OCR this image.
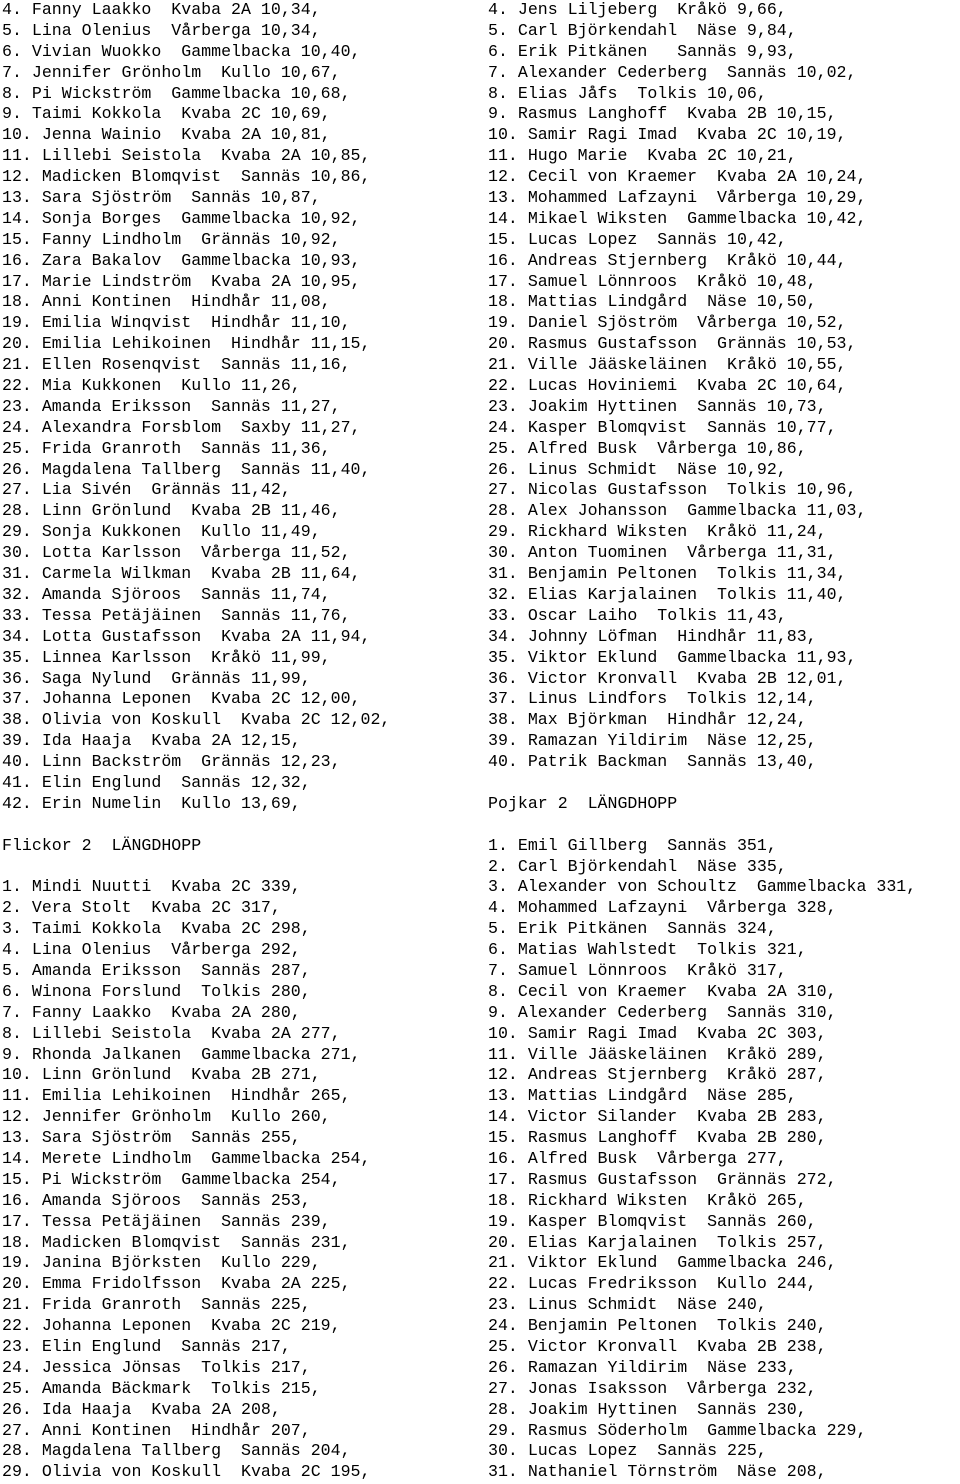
4. Fanny Laakko  Kvaba 2A 10,34,
5. Lina Olenius  Vårberga 10,34,
6. Vivian Wuokko  Gammelbacka 10,40,
7. Jennifer Grönholm  Kullo 10,67,
8. Pi Wickström  Gammelbacka 10,68,
9. Taimi Kokkola  Kvaba 2C 10,69,
10. Jenna Wainio  Kvaba 2A 10,81,
11. Lillebi Seistola  Kvaba 2A 10,85,
12. Madicken Blomqvist  Sannäs 10,86,
13. Sara Sjöström  Sannäs 10,87,
14. Sonja Borges  Gammelbacka 10,92,
15. Fanny Lindholm  Grännäs 10,92,
16. Zara Bakalov  Gammelbacka 10,93,
17. Marie Lindström  Kvaba 2A 10,95,
18. Anni Kontinen  Hindhår 11,08,
19. Emilia Winqvist  Hindhår 11,10,
20. Emilia Lehikoinen  Hindhår 11,15,
21. Ellen Rosenqvist  Sannäs 11,16,
22. Mia Kukkonen  Kullo 11,26,
23. Amanda Eriksson  Sannäs 11,27,
24. Alexandra Forsblom  Saxby 11,27,
25. Frida Granroth  Sannäs 11,36,
26. Magdalena Tallberg  Sannäs 11,40,
27. Lia Sivén  Grännäs 11,42,
28. Linn Grönlund  Kvaba 2B 11,46,
29. Sonja Kukkonen  Kullo 11,49,
30. Lotta Karlsson  Vårberga 11,52,
31. Carmela Wilkman  Kvaba 2B 11,64,
32. Amanda Sjöroos  Sannäs 11,74,
33. Tessa Petäjäinen  Sannäs 11,76,
34. Lotta Gustafsson  Kvaba 2A 11,94,
35. Linnea Karlsson  Kråkö 11,99,
36. Saga Nylund  Grännäs 11,99,
37. Johanna Leponen  Kvaba 2C 12,00,
38. Olivia von Koskull  Kvaba 2C 12,02,
39. Ida Haaja  Kvaba 2A 12,15,
40. Linn Backström  Grännäs 12,23,
41. Elin Englund  Sannäs 12,32,
42. Erin Numelin  Kullo 13,69,
Flickor 2  LÄNGDHOPP
1. Mindi Nuutti  Kvaba 2C 339,
2. Vera Stolt  Kvaba 2C 317,
3. Taimi Kokkola  Kvaba 2C 298,
4. Lina Olenius  Vårberga 292,
5. Amanda Eriksson  Sannäs 287,
6. Winona Forslund  Tolkis 280,
7. Fanny Laakko  Kvaba 2A 280,
8. Lillebi Seistola  Kvaba 2A 277,
9. Rhonda Jalkanen  Gammelbacka 271,
10. Linn Grönlund  Kvaba 2B 271,
11. Emilia Lehikoinen  Hindhår 265,
12. Jennifer Grönholm  Kullo 260,
13. Sara Sjöström  Sannäs 255,
14. Merete Lindholm  Gammelbacka 254,
15. Pi Wickström  Gammelbacka 254,
16. Amanda Sjöroos  Sannäs 253,
17. Tessa Petäjäinen  Sannäs 239,
18. Madicken Blomqvist  Sannäs 231,
19. Janina Björksten  Kullo 229,
20. Emma Fridolfsson  Kvaba 2A 225,
21. Frida Granroth  Sannäs 225,
22. Johanna Leponen  Kvaba 2C 219,
23. Elin Englund  Sannäs 217,
24. Jessica Jönsas  Tolkis 217,
25. Amanda Bäckmark  Tolkis 215,
26. Ida Haaja  Kvaba 2A 208,
27. Anni Kontinen  Hindhår 207,
28. Magdalena Tallberg  Sannäs 204,
29. Olivia von Koskull  Kvaba 2C 195,
4. Jens Liljeberg  Kråkö 9,66,
5. Carl Björkendahl  Näse 9,84,
6. Erik Pitkänen   Sannäs 9,93,
7. Alexander Cederberg  Sannäs 10,02,
8. Elias Jåfs  Tolkis 10,06,
9. Rasmus Langhoff  Kvaba 2B 10,15,
10. Samir Ragi Imad  Kvaba 2C 10,19,
11. Hugo Marie  Kvaba 2C 10,21,
12. Cecil von Kraemer  Kvaba 2A 10,24,
13. Mohammed Lafzayni  Vårberga 10,29,
14. Mikael Wiksten  Gammelbacka 10,42,
15. Lucas Lopez  Sannäs 10,42,
16. Andreas Stjernberg  Kråkö 10,44,
17. Samuel Lönnroos  Kråkö 10,48,
18. Mattias Lindgård  Näse 10,50,
19. Daniel Sjöström  Vårberga 10,52,
20. Rasmus Gustafsson  Grännäs 10,53,
21. Ville Jääskeläinen  Kråkö 10,55,
22. Lucas Hoviniemi  Kvaba 2C 10,64,
23. Joakim Hyttinen  Sannäs 10,73,
24. Kasper Blomqvist  Sannäs 10,77,
25. Alfred Busk  Vårberga 10,86,
26. Linus Schmidt  Näse 10,92,
27. Nicolas Gustafsson  Tolkis 10,96,
28. Alex Johansson  Gammelbacka 11,03,
29. Rickhard Wiksten  Kråkö 11,24,
30. Anton Tuominen  Vårberga 11,31,
31. Benjamin Peltonen  Tolkis 11,34,
32. Elias Karjalainen  Tolkis 11,40,
33. Oscar Laiho  Tolkis 11,43,
34. Johnny Löfman  Hindhår 11,83,
35. Viktor Eklund  Gammelbacka 11,93,
36. Victor Kronvall  Kvaba 2B 12,01,
37. Linus Lindfors  Tolkis 12,14,
38. Max Björkman  Hindhår 12,24,
39. Ramazan Yildirim  Näse 12,25,
40. Patrik Backman  Sannäs 13,40,
Pojkar 2  LÄNGDHOPP
1. Emil Gillberg  Sannäs 351,
2. Carl Björkendahl  Näse 335,
3. Alexander von Schoultz  Gammelbacka 331,
4. Mohammed Lafzayni  Vårberga 328,
5. Erik Pitkänen  Sannäs 324,
6. Matias Wahlstedt  Tolkis 321,
7. Samuel Lönnroos  Kråkö 317,
8. Cecil von Kraemer  Kvaba 2A 310,
9. Alexander Cederberg  Sannäs 310,
10. Samir Ragi Imad  Kvaba 2C 303,
11. Ville Jääskeläinen  Kråkö 289,
12. Andreas Stjernberg  Kråkö 287,
13. Mattias Lindgård  Näse 285,
14. Victor Silander  Kvaba 2B 283,
15. Rasmus Langhoff  Kvaba 2B 280,
16. Alfred Busk  Vårberga 277,
17. Rasmus Gustafsson  Grännäs 272,
18. Rickhard Wiksten  Kråkö 265,
19. Kasper Blomqvist  Sannäs 260,
20. Elias Karjalainen  Tolkis 257,
21. Viktor Eklund  Gammelbacka 246,
22. Lucas Fredriksson  Kullo 244,
23. Linus Schmidt  Näse 240,
24. Benjamin Peltonen  Tolkis 240,
25. Victor Kronvall  Kvaba 2B 238,
26. Ramazan Yildirim  Näse 233,
27. Jonas Isaksson  Vårberga 232,
28. Joakim Hyttinen  Sannäs 230,
29. Rasmus Söderholm  Gammelbacka 229,
30. Lucas Lopez  Sannäs 225,
31. Nathaniel Törnström  Näse 208,
